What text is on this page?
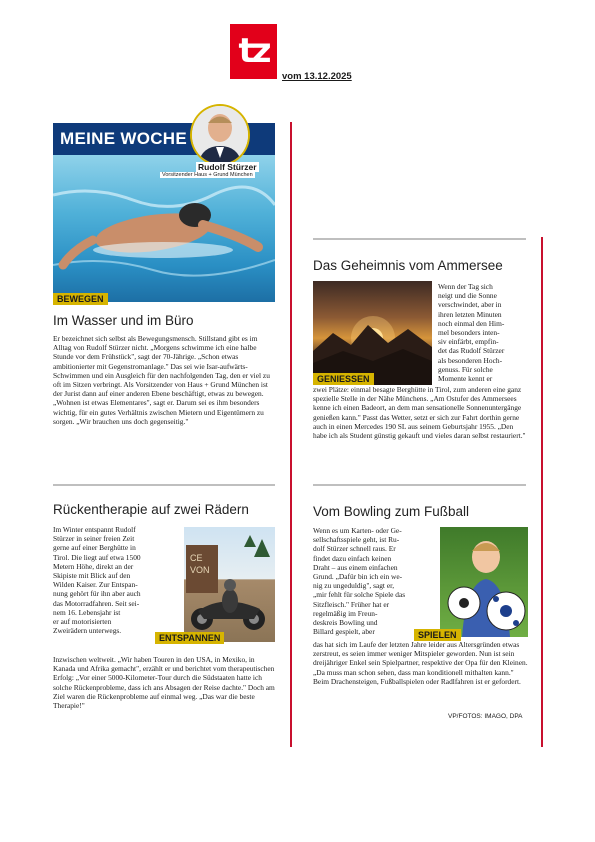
tz
vom 13.12.2025
MEINE WOCHE
Rudolf Stürzer
Vorsitzender Haus + Grund München
BEWEGEN
Im Wasser und im Büro
Er bezeichnet sich selbst als Bewegungsmensch. Stillstand gibt es im Alltag von Rudolf Stürzer nicht. „Morgens schwimme ich eine halbe Stunde vor dem Frühstück", sagt der 70-Jährige. „Schon etwas ambitionierter mit Gegenstromanlage." Das sei wie Isar-aufwärts-Schwimmen und ein Ausgleich für den nachfolgenden Tag, den er viel zu oft im Sitzen verbringt. Als Vorsitzender von Haus + Grund München ist der Jurist dann auf einer anderen Ebene beschäftigt, etwas zu bewegen. „Wohnen ist etwas Elementares", sagt er. Darum sei es ihm besonders wichtig, für ein gutes Verhältnis zwischen Mietern und Eigentümern zu sorgen. „Wir brauchen uns doch gegenseitig."
Rückentherapie auf zwei Rädern
Im Winter entspannt Rudolf
Stürzer in seiner freien Zeit
gerne auf einer Berghütte in
Tirol. Die liegt auf etwa 1500
Metern Höhe, direkt an der
Skipiste mit Blick auf den
Wilden Kaiser. Zur Entspan-
nung gehört für ihn aber auch
das Motorradfahren. Seit sei-
nem 16. Lebensjahr ist
er auf motorisierten
Zweirädern unterwegs.
CE
VON
ENTSPANNEN
Inzwischen weltweit. „Wir haben Touren in den USA, in Mexiko, in Kanada und Afrika gemacht", erzählt er und berichtet vom therapeutischen Erfolg: „Vor einer 5000-Kilometer-Tour durch die Südstaaten hatte ich solche Rückenprobleme, dass ich ans Absagen der Reise dachte." Doch am Ziel waren die Rückenprobleme auf einmal weg. „Das war die beste Therapie!"
Das Geheimnis vom Ammersee
GENIESSEN
Wenn der Tag sich
neigt und die Sonne
verschwindet, aber in
ihren letzten Minuten
noch einmal den Him-
mel besonders inten-
siv einfärbt, empfin-
det das Rudolf Stürzer
als besonderen Hoch-
genuss. Für solche
Momente kennt er
zwei Plätze: einmal besagte Berghütte in Tirol, zum anderen eine ganz spezielle Stelle in der Nähe Münchens. „Am Ostufer des Ammersees kenne ich einen Badeort, an dem man sensationelle Sonnenuntergänge genießen kann." Passt das Wetter, setzt er sich zur Fahrt dorthin gerne auch in einen Mercedes 190 SL aus seinem Geburtsjahr 1955. „Den habe ich als Student günstig gekauft und vieles daran selbst restauriert."
Vom Bowling zum Fußball
Wenn es um Karten- oder Ge-
sellschaftsspiele geht, ist Ru-
dolf Stürzer schnell raus. Er
findet dazu einfach keinen
Draht – aus einem einfachen
Grund. „Dafür bin ich ein we-
nig zu ungeduldig", sagt er,
„mir fehlt für solche Spiele das
Sitzfleisch." Früher hat er
regelmäßig im Freun-
deskreis Bowling und
Billard gespielt, aber	SPIELEN
das hat sich im Laufe der letzten Jahre leider aus Altersgründen etwas zerstreut, es seien immer weniger Mitspieler geworden. Nun ist sein dreijähriger Enkel sein Spielpartner, respektive der Opa für den Kleinen. „Da muss man schon sehen, dass man konditionell mithalten kann." Beim Drachensteigen, Fußballspielen oder Radlfahren ist er gefordert.
VP/FOTOS: IMAGO, DPA
